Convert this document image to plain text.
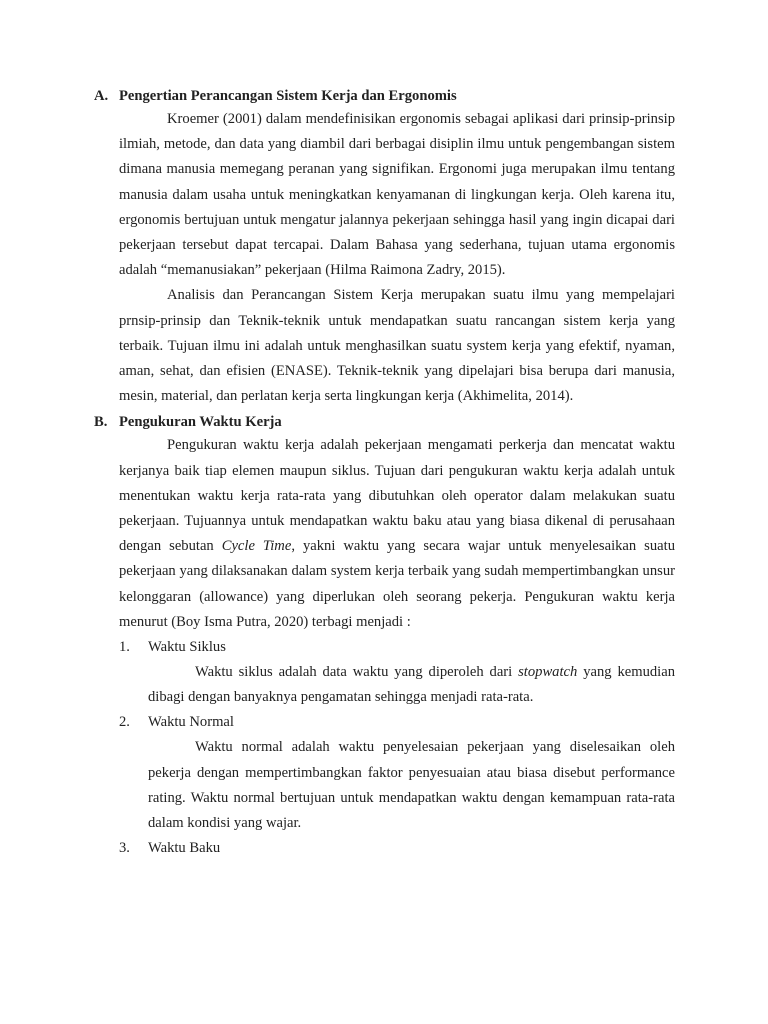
A. Pengertian Perancangan Sistem Kerja dan Ergonomis

Kroemer (2001) dalam mendefinisikan ergonomis sebagai aplikasi dari prinsip-prinsip ilmiah, metode, dan data yang diambil dari berbagai disiplin ilmu untuk pengembangan sistem dimana manusia memegang peranan yang signifikan. Ergonomi juga merupakan ilmu tentang manusia dalam usaha untuk meningkatkan kenyamanan di lingkungan kerja. Oleh karena itu, ergonomis bertujuan untuk mengatur jalannya pekerjaan sehingga hasil yang ingin dicapai dari pekerjaan tersebut dapat tercapai. Dalam Bahasa yang sederhana, tujuan utama ergonomis adalah “memanusiakan” pekerjaan (Hilma Raimona Zadry, 2015).

Analisis dan Perancangan Sistem Kerja merupakan suatu ilmu yang mempelajari prnsip-prinsip dan Teknik-teknik untuk mendapatkan suatu rancangan sistem kerja yang terbaik. Tujuan ilmu ini adalah untuk menghasilkan suatu system kerja yang efektif, nyaman, aman, sehat, dan efisien (ENASE). Teknik-teknik yang dipelajari bisa berupa dari manusia, mesin, material, dan perlatan kerja serta lingkungan kerja (Akhimelita, 2014).

B. Pengukuran Waktu Kerja

Pengukuran waktu kerja adalah pekerjaan mengamati perkerja dan mencatat waktu kerjanya baik tiap elemen maupun siklus. Tujuan dari pengukuran waktu kerja adalah untuk menentukan waktu kerja rata-rata yang dibutuhkan oleh operator dalam melakukan suatu pekerjaan. Tujuannya untuk mendapatkan waktu baku atau yang biasa dikenal di perusahaan dengan sebutan Cycle Time, yakni waktu yang secara wajar untuk menyelesaikan suatu pekerjaan yang dilaksanakan dalam system kerja terbaik yang sudah mempertimbangkan unsur kelonggaran (allowance) yang diperlukan oleh seorang pekerja. Pengukuran waktu kerja menurut (Boy Isma Putra, 2020) terbagi menjadi :

1.	Waktu Siklus

Waktu siklus adalah data waktu yang diperoleh dari stopwatch yang kemudian dibagi dengan banyaknya pengamatan sehingga menjadi rata-rata.

2.	Waktu Normal

Waktu normal adalah waktu penyelesaian pekerjaan yang diselesaikan oleh pekerja dengan mempertimbangkan faktor penyesuaian atau biasa disebut performance rating. Waktu normal bertujuan untuk mendapatkan waktu dengan kemampuan rata-rata dalam kondisi yang wajar.

3.	Waktu Baku
